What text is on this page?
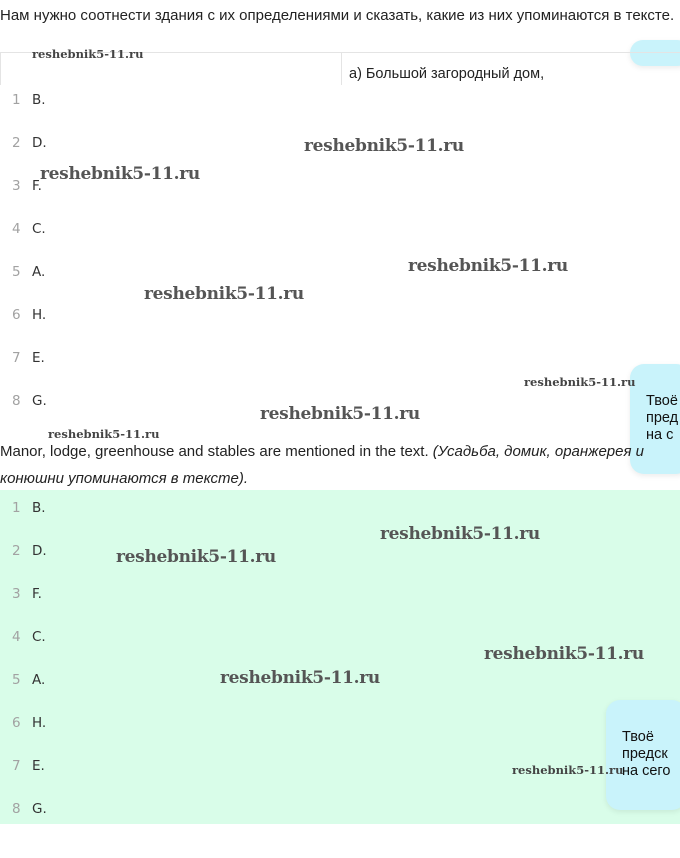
Нам нужно соотнести здания с их определениями и сказать, какие из них упоминаются в тексте.
a) Большой загородный дом,
1 B.
2 D.
3 F.
4 C.
5 A.
6 H.
7 E.
8 G.	Твоё
пред
на с
Manor, lodge, greenhouse and stables are mentioned in the text. (Усадьба, домик, оранжерея и конюшни упоминаются в тексте).
1 B.
2 D.
3 F.
4 C.
5 A.
6 H.
7 E.
8 G.
Твоё
предск
на сего
reshebnik5-11.ru
reshebnik5-11.ru
reshebnik5-11.ru
reshebnik5-11.ru
reshebnik5-11.ru
reshebnik5-11.ru
reshebnik5-11.ru
reshebnik5-11.ru
reshebnik5-11.ru
reshebnik5-11.ru
reshebnik5-11.ru
reshebnik5-11.ru
reshebnik5-11.ru
